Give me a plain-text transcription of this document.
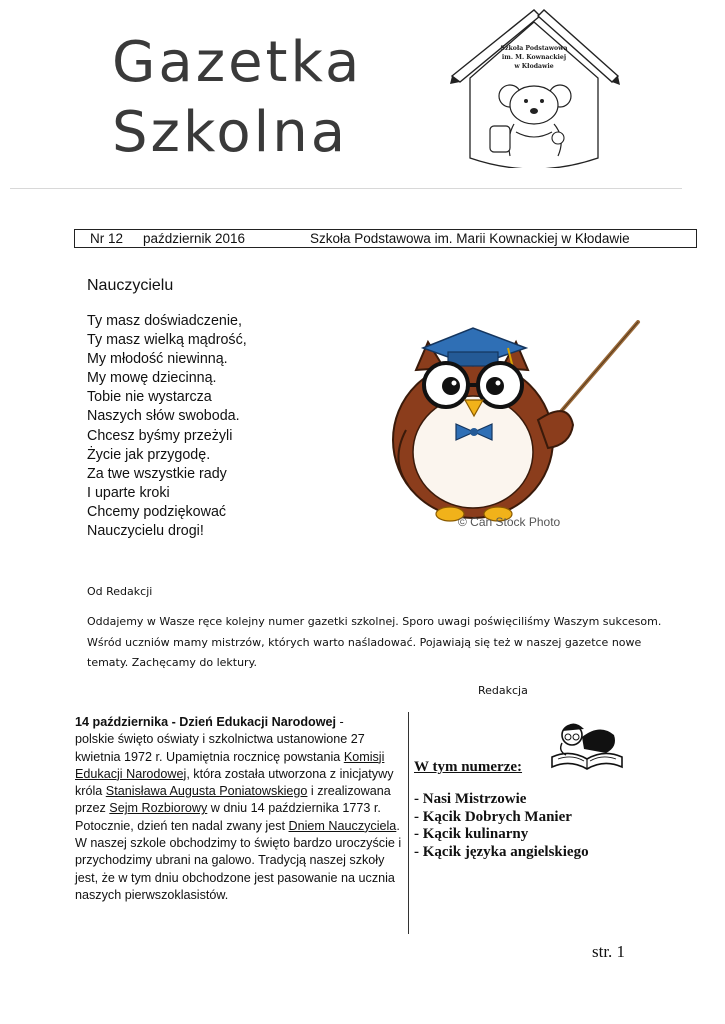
Gazetka
Szkolna
Szkoła Podstawowa
im. M. Kownackiej
w Kłodawie
Nr 12 październik 2016	Szkoła Podstawowa im. Marii Kownackiej w Kłodawie
Nauczycielu
Ty masz doświadczenie,
Ty masz wielką mądrość,
My młodość niewinną.
My mowę dziecinną.
Tobie nie wystarcza
Naszych słów swoboda.
Chcesz byśmy przeżyli
Życie jak przygodę.
Za twe wszystkie rady
I uparte kroki
Chcemy podziękować
Nauczycielu drogi!
© Can Stock Photo
Od Redakcji
Oddajemy w Wasze ręce kolejny numer gazetki szkolnej. Sporo uwagi poświęciliśmy Waszym sukcesom. Wśród uczniów mamy mistrzów, których warto naśladować. Pojawiają się też w naszej gazetce nowe tematy. Zachęcamy do lektury.
Redakcja
14 października - Dzień Edukacji Narodowej -
polskie święto oświaty i szkolnictwa ustanowione 27 kwietnia 1972 r. Upamiętnia rocznicę powstania Komisji Edukacji Narodowej, która została utworzona z inicjatywy króla Stanisława Augusta Poniatowskiego i zrealizowana przez Sejm Rozbiorowy w dniu 14 października 1773 r.
Potocznie, dzień ten nadal zwany jest Dniem Nauczyciela. W naszej szkole obchodzimy to święto bardzo uroczyście i przychodzimy ubrani na galowo. Tradycją naszej szkoły jest, że w tym dniu obchodzone jest pasowanie na ucznia naszych pierwszoklasistów.
W tym numerze:
- Nasi Mistrzowie
- Kącik Dobrych Manier
- Kącik kulinarny
- Kącik języka angielskiego
str. 1
